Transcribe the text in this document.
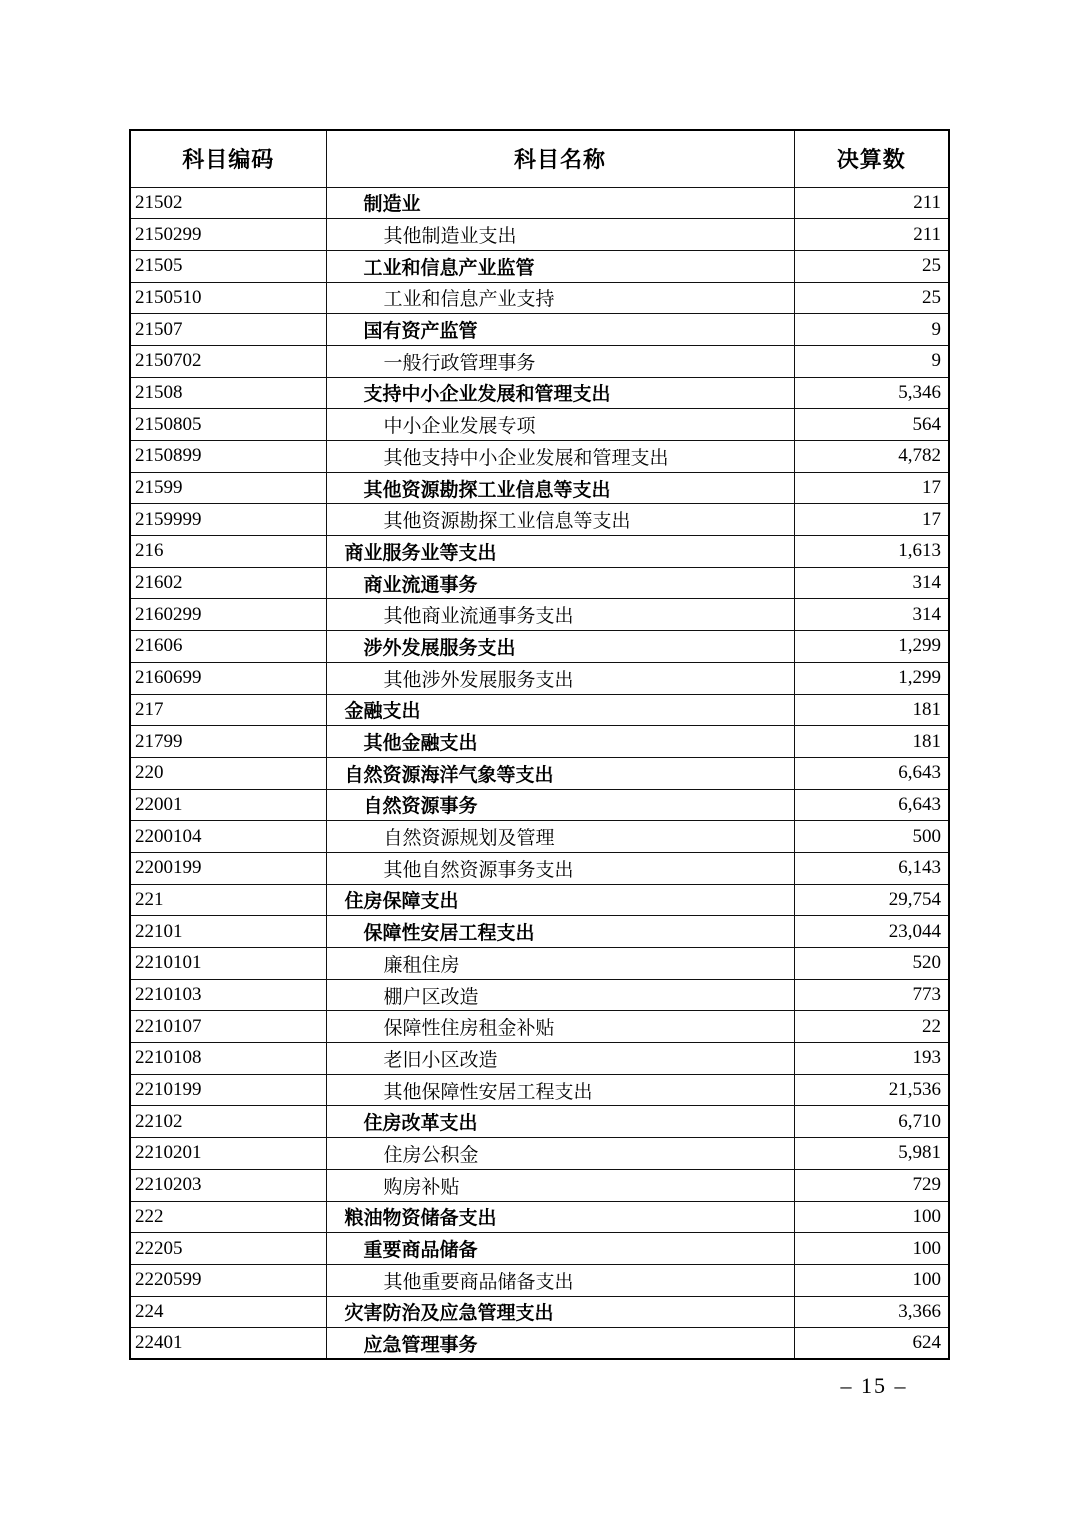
科目编码	科目名称	决算数
21502	制造业	211
2150299	其他制造业支出	211
21505	工业和信息产业监管	25
2150510	工业和信息产业支持	25
21507	国有资产监管	9
2150702	一般行政管理事务	9
21508	支持中小企业发展和管理支出	5,346
2150805	中小企业发展专项	564
2150899	其他支持中小企业发展和管理支出	4,782
21599	其他资源勘探工业信息等支出	17
2159999	其他资源勘探工业信息等支出	17
216	商业服务业等支出	1,613
21602	商业流通事务	314
2160299	其他商业流通事务支出	314
21606	涉外发展服务支出	1,299
2160699	其他涉外发展服务支出	1,299
217	金融支出	181
21799	其他金融支出	181
220	自然资源海洋气象等支出	6,643
22001	自然资源事务	6,643
2200104	自然资源规划及管理	500
2200199	其他自然资源事务支出	6,143
221	住房保障支出	29,754
22101	保障性安居工程支出	23,044
2210101	廉租住房	520
2210103	棚户区改造	773
2210107	保障性住房租金补贴	22
2210108	老旧小区改造	193
2210199	其他保障性安居工程支出	21,536
22102	住房改革支出	6,710
2210201	住房公积金	5,981
2210203	购房补贴	729
222	粮油物资储备支出	100
22205	重要商品储备	100
2220599	其他重要商品储备支出	100
224	灾害防治及应急管理支出	3,366
22401	应急管理事务	624
– 15 –
